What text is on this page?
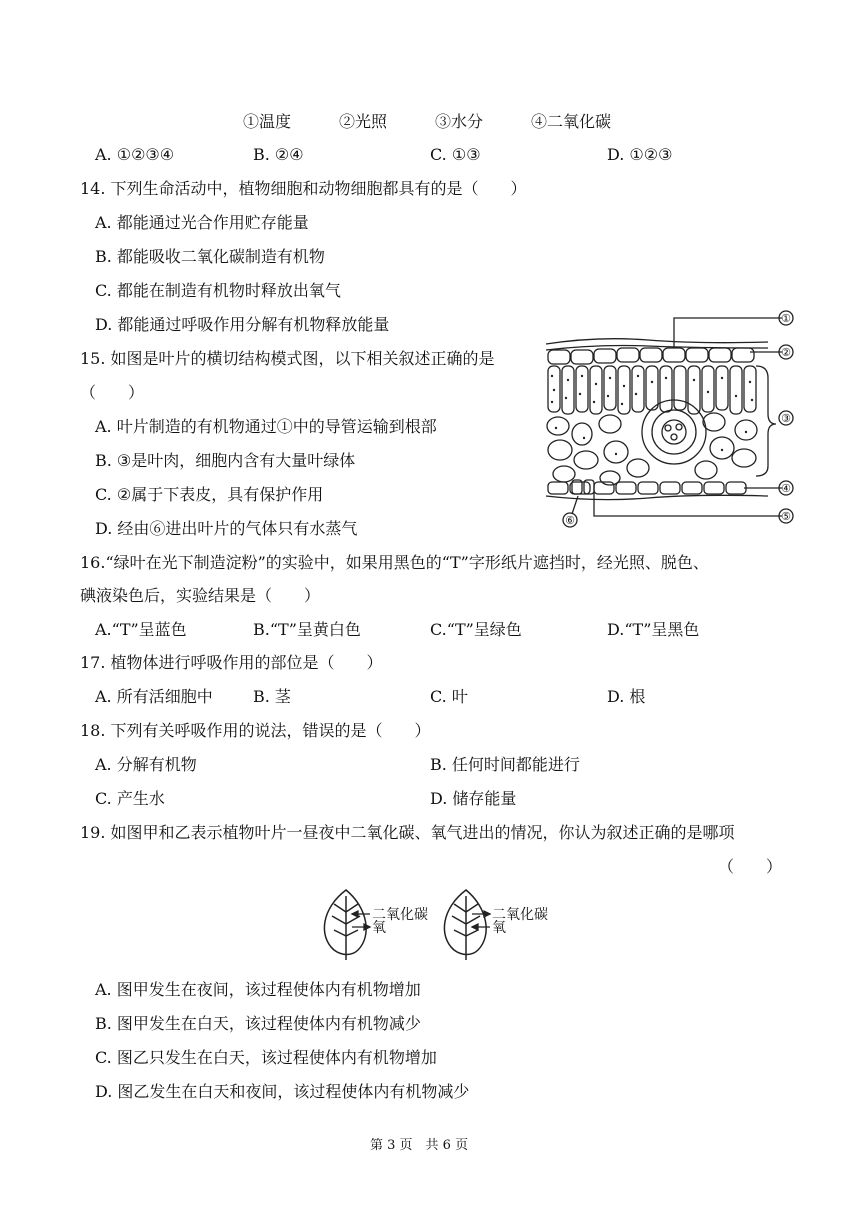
①温度	②光照	③水分	④二氧化碳
A. ①②③④	B. ②④	C. ①③	D. ①②③
14. 下列生命活动中，植物细胞和动物细胞都具有的是（　　）
A. 都能通过光合作用贮存能量
B. 都能吸收二氧化碳制造有机物
C. 都能在制造有机物时释放出氧气
D. 都能通过呼吸作用分解有机物释放能量
15. 如图是叶片的横切结构模式图，以下相关叙述正确的是
（　　）
A. 叶片制造的有机物通过①中的导管运输到根部
B. ③是叶肉，细胞内含有大量叶绿体
C. ②属于下表皮，具有保护作用
D. 经由⑥进出叶片的气体只有水蒸气
①
②
③
④
⑤
⑥
16.“绿叶在光下制造淀粉”的实验中，如果用黑色的“T”字形纸片遮挡时，经光照、脱色、
碘液染色后，实验结果是（　　）
A.“T”呈蓝色	B.“T”呈黄白色	C.“T”呈绿色	D.“T”呈黑色
17. 植物体进行呼吸作用的部位是（　　）
A. 所有活细胞中	B. 茎	C. 叶	D. 根
18. 下列有关呼吸作用的说法，错误的是（　　）
A. 分解有机物	B. 任何时间都能进行
C. 产生水	D. 储存能量
19. 如图甲和乙表示植物叶片一昼夜中二氧化碳、氧气进出的情况，你认为叙述正确的是哪项
（　　）
二氧化碳
氧
二氧化碳
氧
A. 图甲发生在夜间，该过程使体内有机物增加
B. 图甲发生在白天，该过程使体内有机物减少
C. 图乙只发生在白天，该过程使体内有机物增加
D. 图乙发生在白天和夜间，该过程使体内有机物减少
第 3 页　共 6 页
